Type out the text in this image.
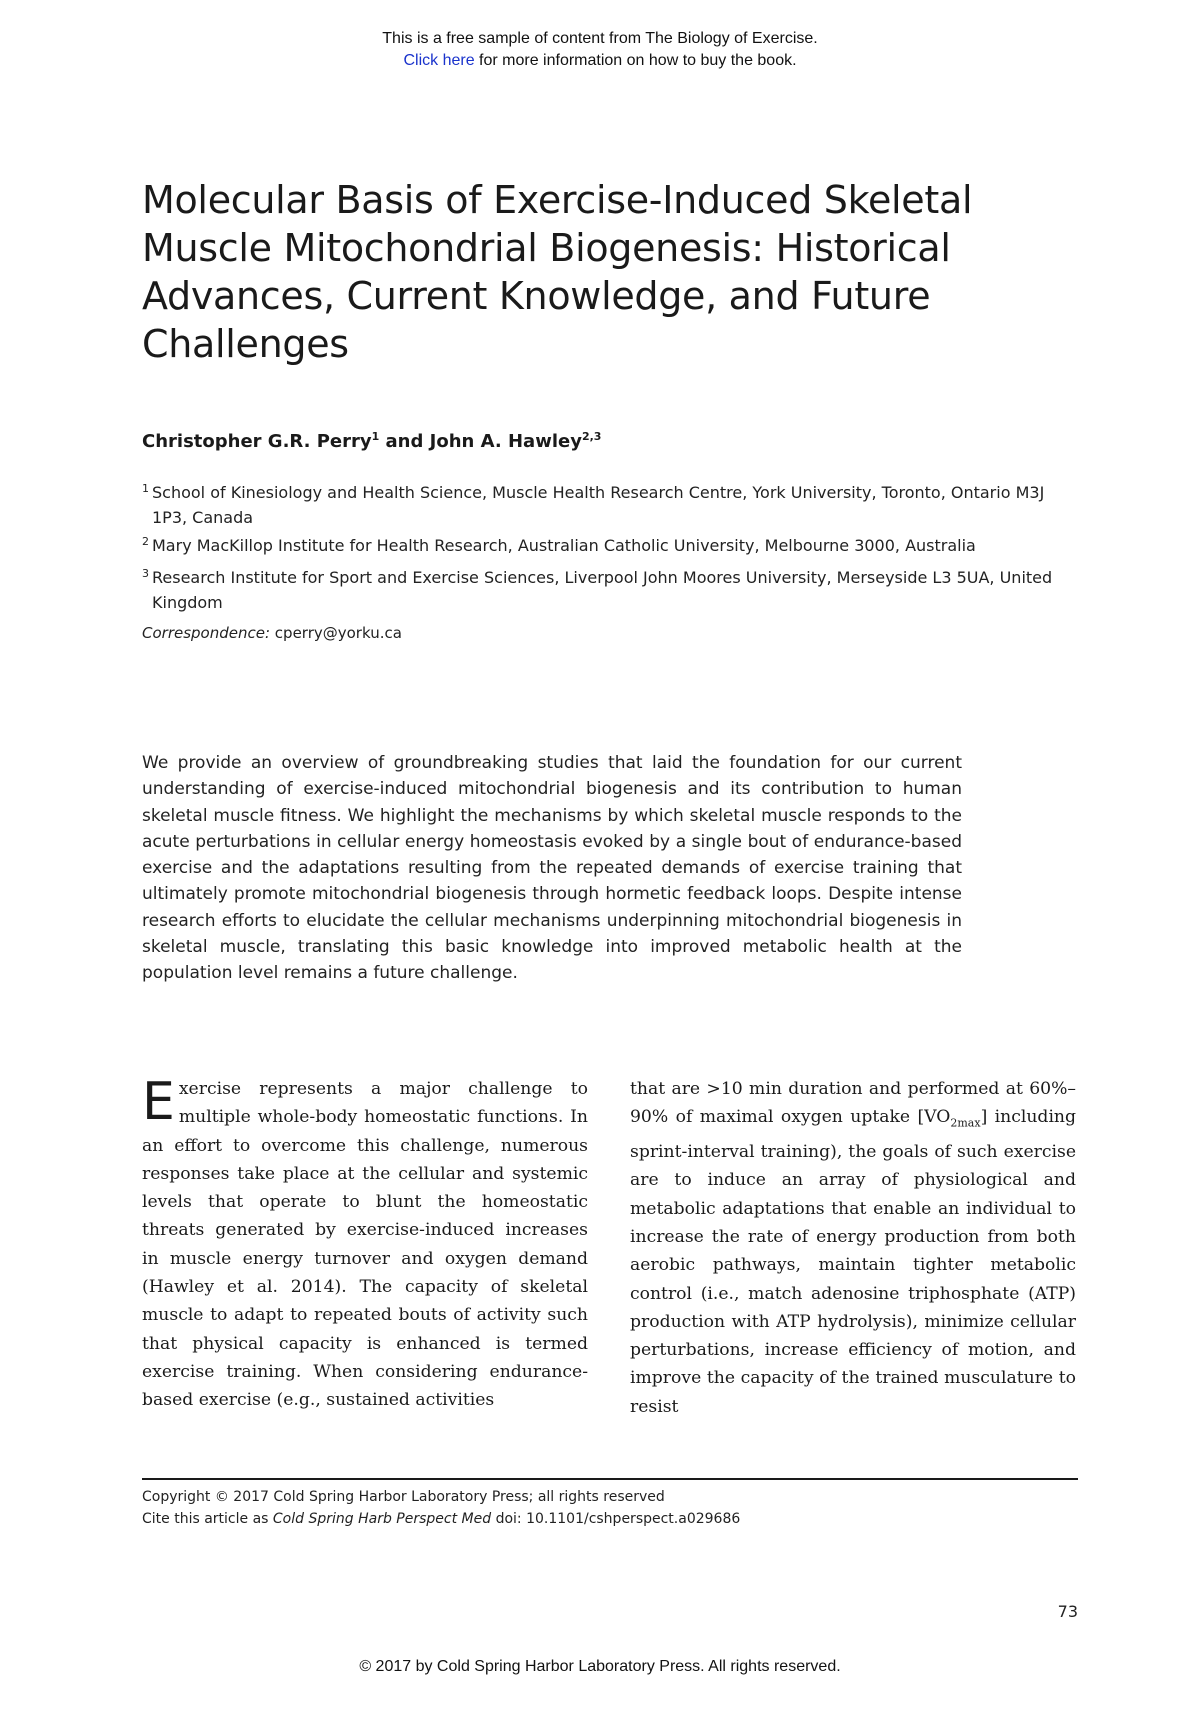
This is a free sample of content from The Biology of Exercise.
Click here for more information on how to buy the book.
Molecular Basis of Exercise-Induced Skeletal Muscle Mitochondrial Biogenesis: Historical Advances, Current Knowledge, and Future Challenges
Christopher G.R. Perry$^1$ and John A. Hawley$^{2,3}$
1 School of Kinesiology and Health Science, Muscle Health Research Centre, York University, Toronto, Ontario M3J 1P3, Canada
2 Mary MacKillop Institute for Health Research, Australian Catholic University, Melbourne 3000, Australia
3 Research Institute for Sport and Exercise Sciences, Liverpool John Moores University, Merseyside L3 5UA, United Kingdom
Correspondence: cperry@yorku.ca

We provide an overview of groundbreaking studies that laid the foundation for our current understanding of exercise-induced mitochondrial biogenesis and its contribution to human skeletal muscle fitness. We highlight the mechanisms by which skeletal muscle responds to the acute perturbations in cellular energy homeostasis evoked by a single bout of endurance-based exercise and the adaptations resulting from the repeated demands of exercise training that ultimately promote mitochondrial biogenesis through hormetic feedback loops. Despite intense research efforts to elucidate the cellular mechanisms underpinning mitochondrial biogenesis in skeletal muscle, translating this basic knowledge into improved metabolic health at the population level remains a future challenge.

Exercise represents a major challenge to multiple whole-body homeostatic functions. In an effort to overcome this challenge, numerous responses take place at the cellular and systemic levels that operate to blunt the homeostatic threats generated by exercise-induced increases in muscle energy turnover and oxygen demand (Hawley et al. 2014). The capacity of skeletal muscle to adapt to repeated bouts of activity such that physical capacity is enhanced is termed exercise training. When considering endurance-based exercise (e.g., sustained activities

that are >10 min duration and performed at 60%–90% of maximal oxygen uptake $[VO_{2max}]$ including sprint-interval training), the goals of such exercise are to induce an array of physiological and metabolic adaptations that enable an individual to increase the rate of energy production from both aerobic pathways, maintain tighter metabolic control (i.e., match adenosine triphosphate (ATP) production with ATP hydrolysis), minimize cellular perturbations, increase efficiency of motion, and improve the capacity of the trained musculature to resist

Copyright © 2017 Cold Spring Harbor Laboratory Press; all rights reserved
Cite this article as Cold Spring Harb Perspect Med doi: 10.1101/cshperspect.a029686
73
© 2017 by Cold Spring Harbor Laboratory Press. All rights reserved.
